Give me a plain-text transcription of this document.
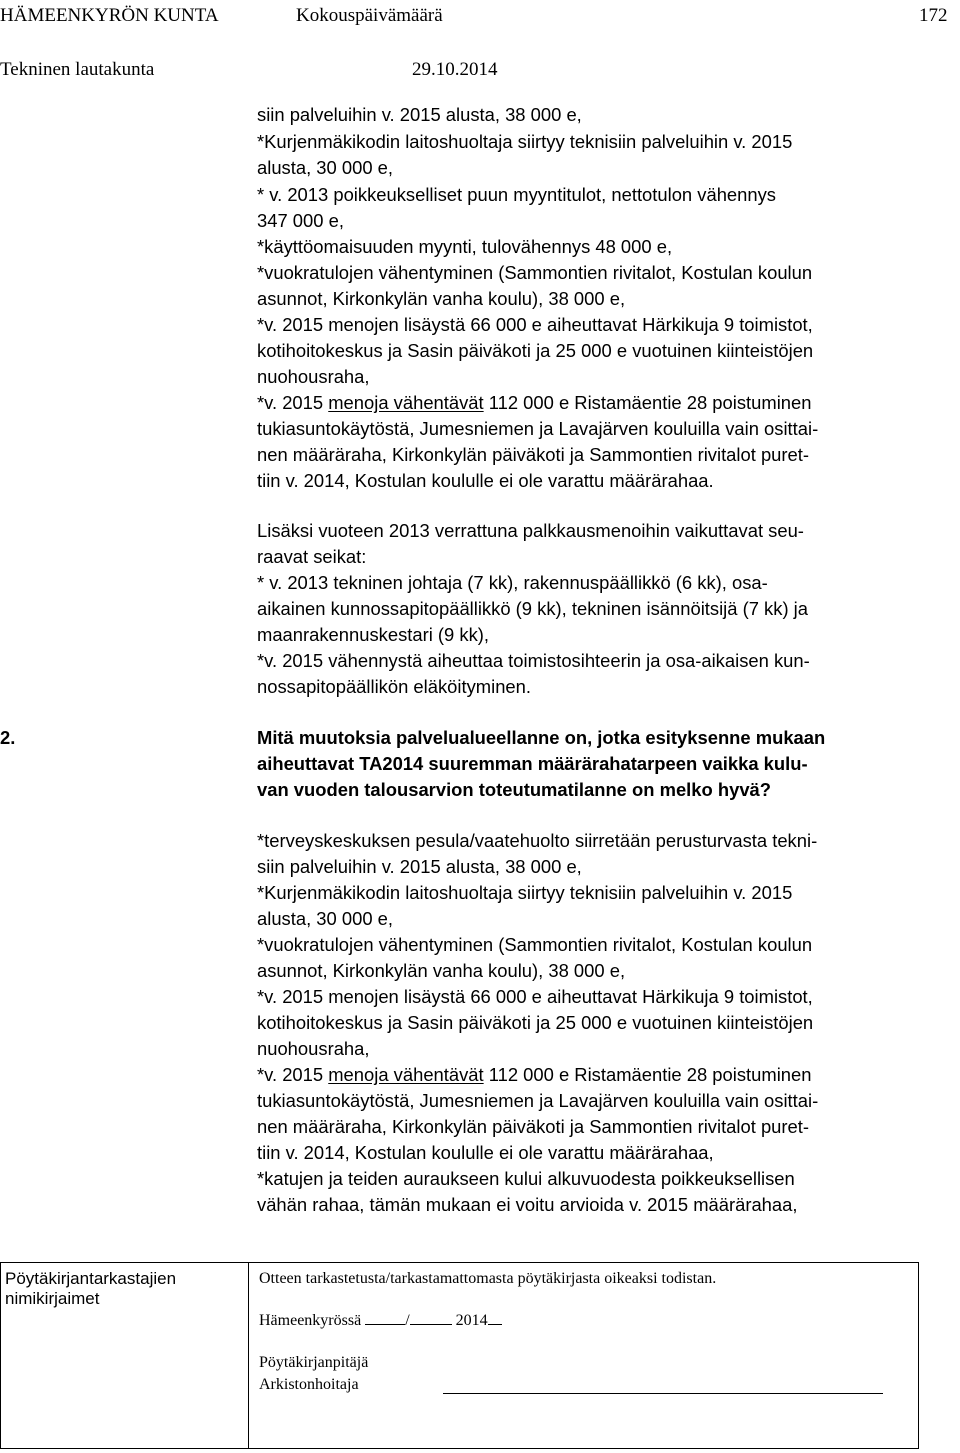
HÄMEENKYRÖN KUNTA	Kokouspäivämäärä	172
Tekninen lautakunta	29.10.2014
siin palveluihin v. 2015 alusta, 38 000 e,
*Kurjenmäkikodin laitoshuoltaja siirtyy teknisiin palveluihin v. 2015
alusta, 30 000 e,
* v. 2013 poikkeukselliset puun myyntitulot, nettotulon vähennys
347 000 e,
*käyttöomaisuuden myynti, tulovähennys 48 000 e,
*vuokratulojen vähentyminen (Sammontien rivitalot, Kostulan koulun
asunnot, Kirkonkylän vanha koulu), 38 000 e,
*v. 2015 menojen lisäystä 66 000 e aiheuttavat Härkikuja 9 toimistot,
kotihoitokeskus ja Sasin päiväkoti ja 25 000 e vuotuinen kiinteistöjen
nuohousraha,
*v. 2015 menoja vähentävät 112 000 e Ristamäentie 28 poistuminen
tukiasuntokäytöstä, Jumesniemen ja Lavajärven kouluilla vain osittai-
nen määräraha, Kirkonkylän päiväkoti ja Sammontien rivitalot puret-
tiin v. 2014, Kostulan koululle ei ole varattu määrärahaa.
Lisäksi vuoteen 2013 verrattuna palkkausmenoihin vaikuttavat seu-
raavat seikat:
* v. 2013 tekninen johtaja (7 kk), rakennuspäällikkö (6 kk), osa-
aikainen kunnossapitopäällikkö (9 kk), tekninen isännöitsijä (7 kk) ja
maanrakennuskestari (9 kk),
*v. 2015 vähennystä aiheuttaa toimistosihteerin ja osa-aikaisen kun-
nossapitopäällikön eläköityminen.
2.	Mitä muutoksia palvelualueellanne on, jotka esityksenne mukaan
aiheuttavat TA2014 suuremman määrärahatarpeen vaikka kulu-
van vuoden talousarvion toteutumatilanne on melko hyvä?
*terveyskeskuksen pesula/vaatehuolto siirretään perusturvasta tekni-
siin palveluihin v. 2015 alusta, 38 000 e,
*Kurjenmäkikodin laitoshuoltaja siirtyy teknisiin palveluihin v. 2015
alusta, 30 000 e,
*vuokratulojen vähentyminen (Sammontien rivitalot, Kostulan koulun
asunnot, Kirkonkylän vanha koulu), 38 000 e,
*v. 2015 menojen lisäystä 66 000 e aiheuttavat Härkikuja 9 toimistot,
kotihoitokeskus ja Sasin päiväkoti ja 25 000 e vuotuinen kiinteistöjen
nuohousraha,
*v. 2015 menoja vähentävät 112 000 e Ristamäentie 28 poistuminen
tukiasuntokäytöstä, Jumesniemen ja Lavajärven kouluilla vain osittai-
nen määräraha, Kirkonkylän päiväkoti ja Sammontien rivitalot puret-
tiin v. 2014, Kostulan koululle ei ole varattu määrärahaa,
*katujen ja teiden auraukseen kului alkuvuodesta poikkeuksellisen
vähän rahaa, tämän mukaan ei voitu arvioida v. 2015 määrärahaa,
Pöytäkirjantarkastajien
nimikirjaimet
Otteen tarkastetusta/tarkastamattomasta pöytäkirjasta oikeaksi todistan.
Hämeenkyrössä	/	2014
Pöytäkirjanpitäjä
Arkistonhoitaja
